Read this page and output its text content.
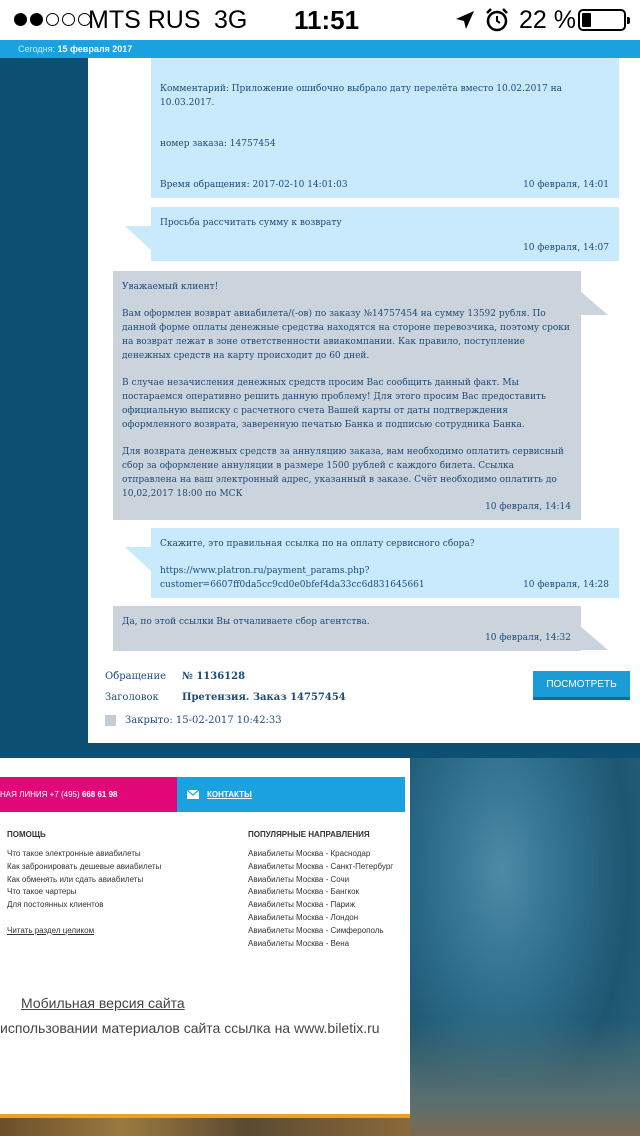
MTS RUS 3G 11:51	22 %
Сегодня: 15 февраля 2017

Комментарий: Приложение ошибочно выбрало дату перелёта вместо 10.02.2017 на 10.03.2017.

номер заказа: 14757454

Время обращения: 2017-02-10 14:01:03	10 февраля, 14:01

Просьба рассчитать сумму к возврату

10 февраля, 14:07

Уважаемый клиент!

Вам оформлен возврат авиабилета/(-ов) по заказу №14757454 на сумму 13592 рубля. По данной форме оплаты денежные средства находятся на стороне перевозчика, поэтому сроки на возврат лежат в зоне ответственности авиакомпании. Как правило, поступление денежных средств на карту происходит до 60 дней.

В случае незачисления денежных средств просим Вас сообщить данный факт. Мы постараемся оперативно решить данную проблему! Для этого просим Вас предоставить официальную выписку с расчетного счета Вашей карты от даты подтверждения оформленного возврата, заверенную печатью Банка и подписью сотрудника Банка.

Для возврата денежных средств за аннуляцию заказа, вам необходимо оплатить сервисный сбор за оформление аннуляции в размере 1500 рублей с каждого билета. Ссылка отправлена на ваш электронный адрес, указанный в заказе. Счёт необходимо оплатить до 10,02,2017 18:00 по МСК

10 февраля, 14:14

Скажите, это правильная ссылка по на оплату сервисного сбора?

https://www.platron.ru/payment_params.php?customer=6607ff0da5cc9cd0e0bfef4da33cc6d831645661	10 февраля, 14:28

Да, по этой ссылки Вы отчаливаете сбор агентства.

10 февраля, 14:32
Обращение № 1136128
Заголовок Претензия. Заказ 14757454
Закрыто: 15-02-2017 10:42:33
ПОСМОТРЕТЬ
НАЯ ЛИНИЯ +7 (495) 668 61 98	КОНТАКТЫ
ПОМОЩЬ
Что такое электронные авиабилеты
Как забронировать дешевые авиабилеты
Как обменять или сдать авиабилеты
Что такое чартеры
Для постоянных клиентов
Читать раздел целиком
ПОПУЛЯРНЫЕ НАПРАВЛЕНИЯ
Авиабилеты Москва - Краснодар
Авиабилеты Москва - Санкт-Петербург
Авиабилеты Москва - Сочи
Авиабилеты Москва - Бангкок
Авиабилеты Москва - Париж
Авиабилеты Москва - Лондон
Авиабилеты Москва - Симферополь
Авиабилеты Москва - Вена
Мобильная версия сайта
использовании материалов сайта ссылка на www.biletix.ru
